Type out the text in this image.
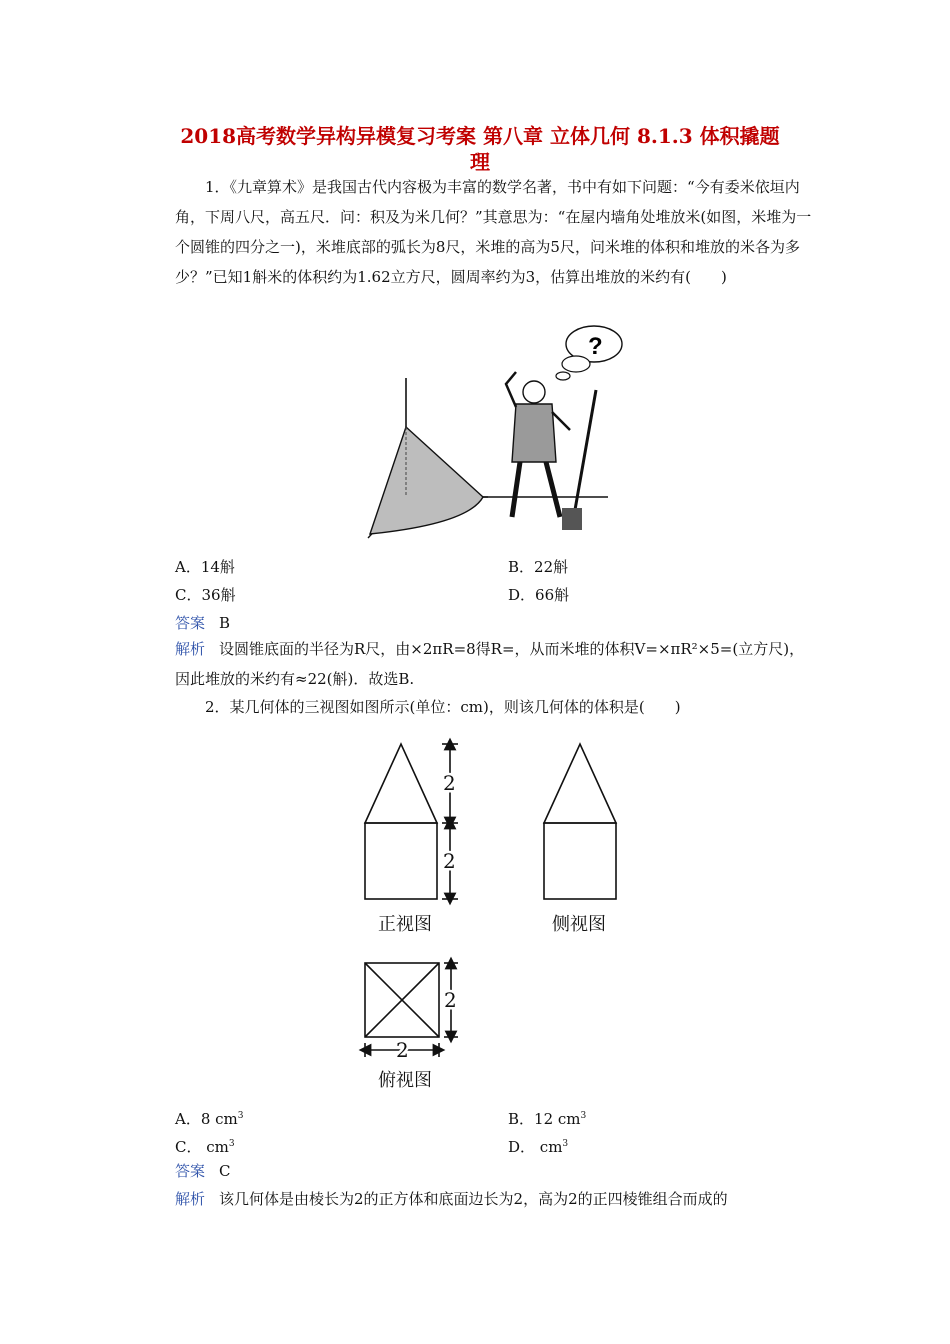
2018高考数学异构异模复习考案 第八章 立体几何 8.1.3 体积撬题
理
1．《九章算术》是我国古代内容极为丰富的数学名著，书中有如下问题：“今有委米依垣内角，下周八尺，高五尺．问：积及为米几何？”其意思为：“在屋内墙角处堆放米(如图，米堆为一个圆锥的四分之一)，米堆底部的弧长为8尺，米堆的高为5尺，问米堆的体积和堆放的米各为多少？”已知1斛米的体积约为1.62立方尺，圆周率约为3，估算出堆放的米约有(　　)
?
A．14斛	B．22斛
C．36斛	D．66斛
答案 B
解析 设圆锥底面的半径为R尺，由×2πR=8得R=，从而米堆的体积V=×πR²×5=(立方尺)，因此堆放的米约有≈22(斛)．故选B.
2．某几何体的三视图如图所示(单位：cm)，则该几何体的体积是(　　)
2
2
正视图	侧视图
2
2
俯视图
A．8 $cm^3$	B．12 $cm^3$
C． $cm^3$	D． $cm^3$
答案 C
解析 该几何体是由棱长为2的正方体和底面边长为2，高为2的正四棱锥组合而成的
